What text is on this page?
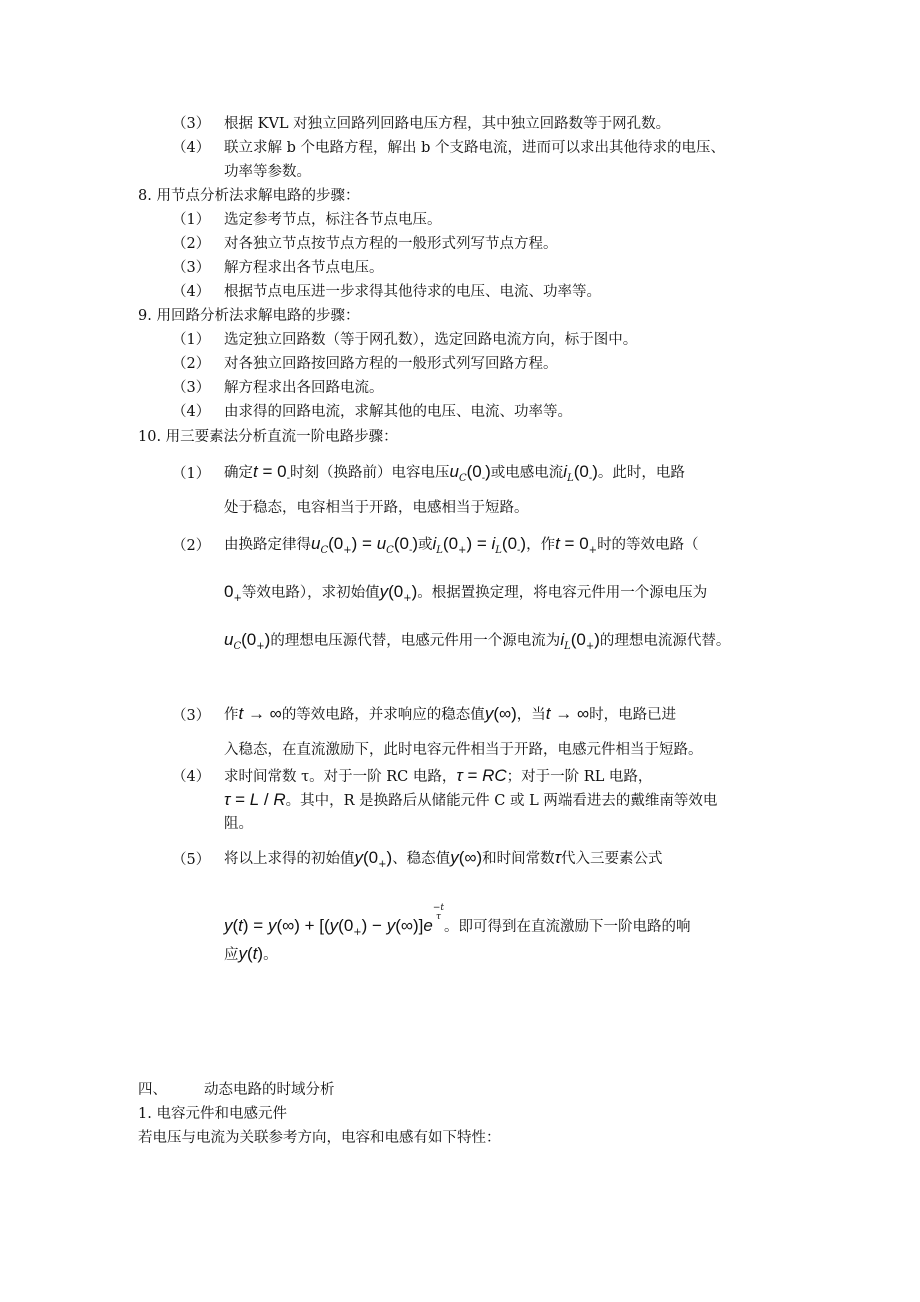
（3） 根据 KVL 对独立回路列回路电压方程，其中独立回路数等于网孔数。
（4） 联立求解 b 个电路方程，解出 b 个支路电流，进而可以求出其他待求的电压、
功率等参数。
8. 用节点分析法求解电路的步骤：
（1） 选定参考节点，标注各节点电压。
（2） 对各独立节点按节点方程的一般形式列写节点方程。
（3） 解方程求出各节点电压。
（4） 根据节点电压进一步求得其他待求的电压、电流、功率等。
9. 用回路分析法求解电路的步骤：
（1） 选定独立回路数（等于网孔数），选定回路电流方向，标于图中。
（2） 对各独立回路按回路方程的一般形式列写回路方程。
（3） 解方程求出各回路电流。
（4） 由求得的回路电流，求解其他的电压、电流、功率等。
10. 用三要素法分析直流一阶电路步骤：
（1） 确定$t = 0_-$时刻（换路前）电容电压$u_C(0_-)$或电感电流$i_L(0_-)$。此时，电路
处于稳态，电容相当于开路，电感相当于短路。
（2） 由换路定律得$u_C(0_+) = u_C(0_-)$或$i_L(0_+) = i_L(0_-)$，作$t = 0_+$时的等效电路（
$0_+$等效电路），求初始值$y(0_+)$。根据置换定理，将电容元件用一个源电压为
$u_C(0_+)$的理想电压源代替，电感元件用一个源电流为$i_L(0_+)$的理想电流源代替。
（3） 作t → ∞的等效电路，并求响应的稳态值y(∞)，当t → ∞时，电路已进
入稳态，在直流激励下，此时电容元件相当于开路，电感元件相当于短路。
（4） 求时间常数 τ。对于一阶 RC 电路，τ = RC；对于一阶 RL 电路，
τ = L / R。其中，R 是换路后从储能元件 C 或 L 两端看进去的戴维南等效电
阻。
（5） 将以上求得的初始值$y(0_+)$、稳态值y(∞)和时间常数τ代入三要素公式
$y(t) = y(\infty) + [(y(0_+) - y(\infty)]e$
−t
τ
。即可得到在直流激励下一阶电路的响
应y(t)。
四、	动态电路的时域分析
1. 电容元件和电感元件
若电压与电流为关联参考方向，电容和电感有如下特性：
